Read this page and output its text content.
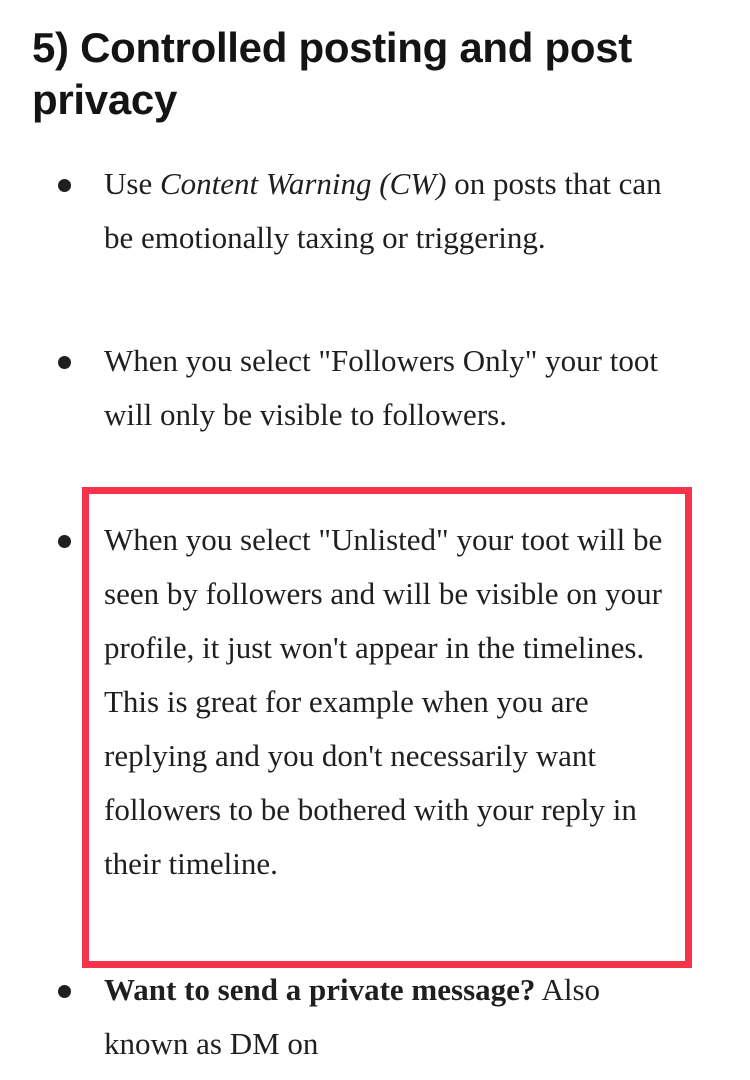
5) Controlled posting and post privacy

Use Content Warning (CW) on posts that can be emotionally taxing or triggering.

When you select "Followers Only" your toot will only be visible to followers.

When you select "Unlisted" your toot will be seen by followers and will be visible on your profile, it just won't appear in the timelines. This is great for example when you are replying and you don't necessarily want followers to be bothered with your reply in their timeline.

Want to send a private message? Also known as DM on
